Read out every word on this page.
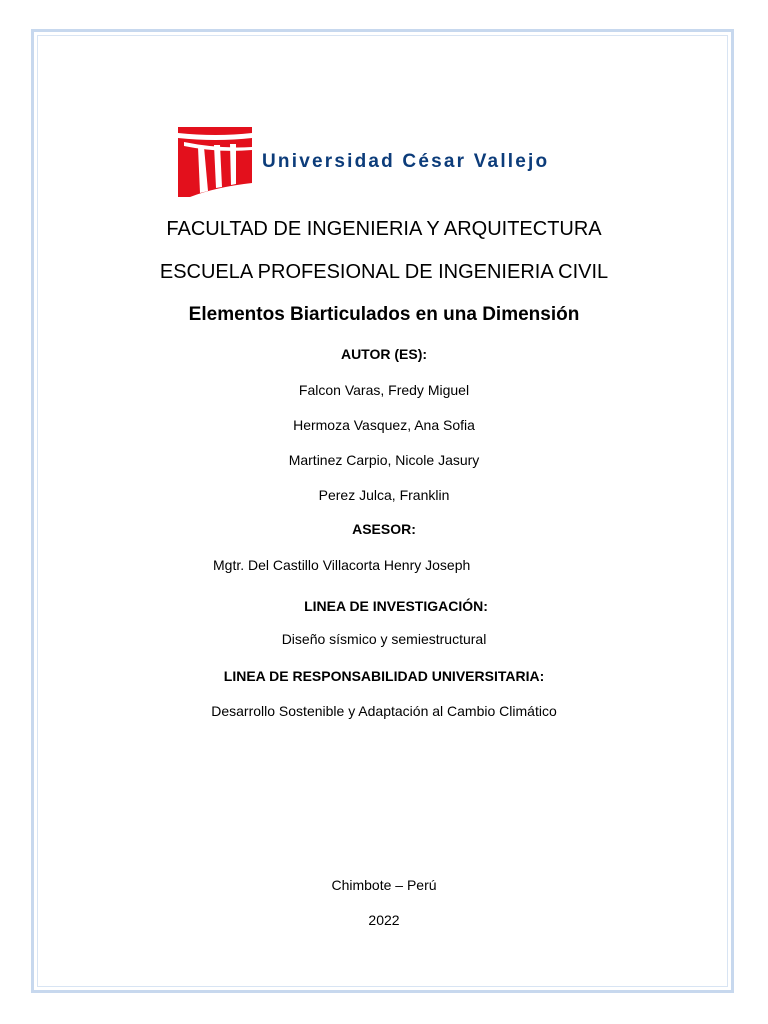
Universidad César Vallejo
FACULTAD DE INGENIERIA Y ARQUITECTURA
ESCUELA PROFESIONAL DE INGENIERIA CIVIL
Elementos Biarticulados en una Dimensión
AUTOR (ES):
Falcon Varas, Fredy Miguel
Hermoza Vasquez, Ana Sofia
Martinez Carpio, Nicole Jasury
Perez Julca, Franklin
ASESOR:
Mgtr. Del Castillo Villacorta Henry Joseph
LINEA DE INVESTIGACIÓN:
Diseño sísmico y semiestructural
LINEA DE RESPONSABILIDAD UNIVERSITARIA:
Desarrollo Sostenible y Adaptación al Cambio Climático
Chimbote – Perú
2022
